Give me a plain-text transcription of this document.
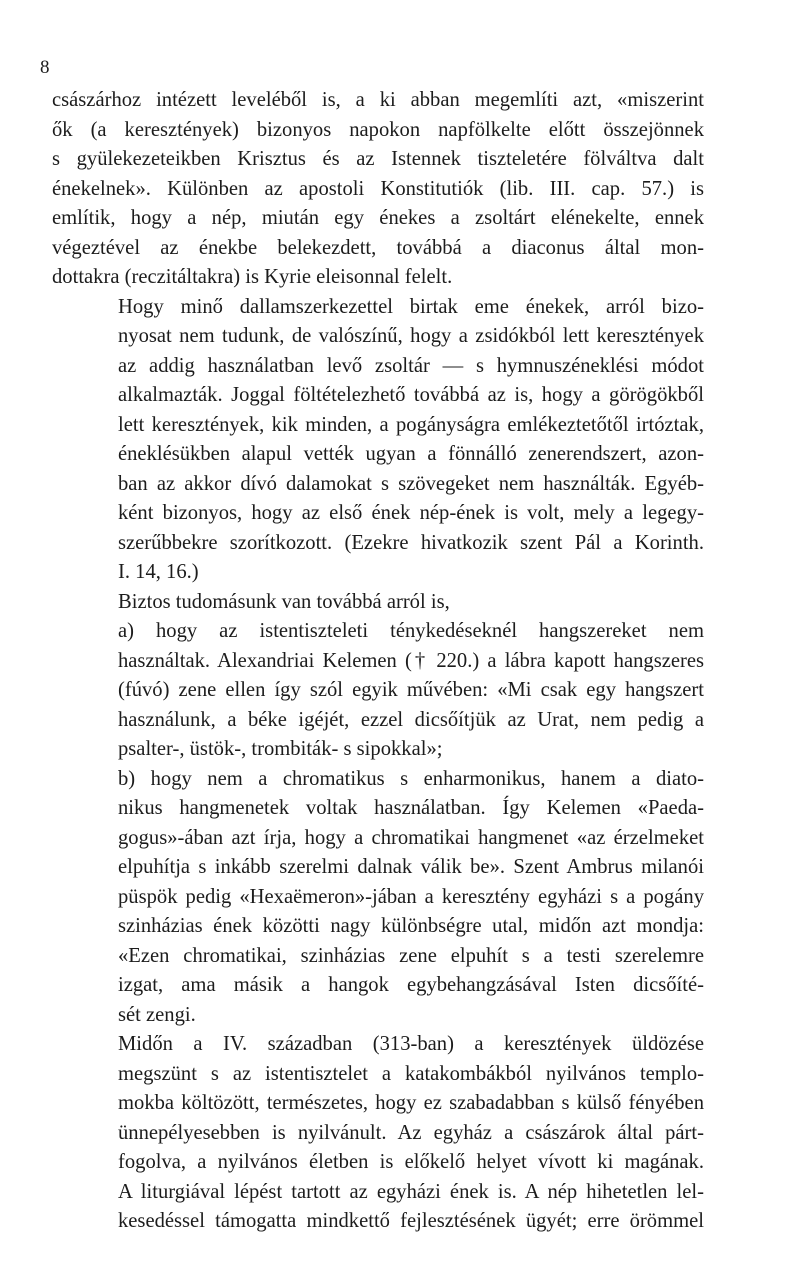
8
császárhoz intézett leveléből is, a ki abban megemlíti azt, «miszerint
ők (a keresztények) bizonyos napokon napfölkelte előtt összejönnek
s gyülekezeteikben Krisztus és az Istennek tiszteletére fölváltva dalt
énekelnek». Különben az apostoli Konstitutiók (lib. III. cap. 57.) is
említik, hogy a nép, miután egy énekes a zsoltárt elénekelte, ennek
végeztével az énekbe belekezdett, továbbá a diaconus által mon-
dottakra (reczitáltakra) is Kyrie eleisonnal felelt.
Hogy minő dallamszerkezettel birtak eme énekek, arról bizo-
nyosat nem tudunk, de valószínű, hogy a zsidókból lett keresztények
az addig használatban levő zsoltár — s hymnuszéneklési módot
alkalmazták. Joggal föltételezhető továbbá az is, hogy a görögökből
lett keresztények, kik minden, a pogányságra emlékeztetőtől irtóztak,
éneklésükben alapul vették ugyan a fönnálló zenerendszert, azon-
ban az akkor dívó dalamokat s szövegeket nem használták. Egyéb-
ként bizonyos, hogy az első ének nép-ének is volt, mely a legegy-
szerűbbekre szorítkozott. (Ezekre hivatkozik szent Pál a Korinth.
I. 14, 16.)
Biztos tudomásunk van továbbá arról is,
a) hogy az istentiszteleti ténykedéseknél hangszereket nem
használtak. Alexandriai Kelemen († 220.) a lábra kapott hangszeres
(fúvó) zene ellen így szól egyik művében: «Mi csak egy hangszert
használunk, a béke igéjét, ezzel dicsőítjük az Urat, nem pedig a
psalter-, üstök-, trombiták- s sipokkal»;
b) hogy nem a chromatikus s enharmonikus, hanem a diato-
nikus hangmenetek voltak használatban. Így Kelemen «Paeda-
gogus»-ában azt írja, hogy a chromatikai hangmenet «az érzelmeket
elpuhítja s inkább szerelmi dalnak válik be». Szent Ambrus milanói
püspök pedig «Hexaëmeron»-jában a keresztény egyházi s a pogány
szinházias ének közötti nagy különbségre utal, midőn azt mondja:
«Ezen chromatikai, szinházias zene elpuhít s a testi szerelemre
izgat, ama másik a hangok egybehangzásával Isten dicsőíté-
sét zengi.
Midőn a IV. században (313-ban) a keresztények üldözése
megszünt s az istentisztelet a katakombákból nyilvános templo-
mokba költözött, természetes, hogy ez szabadabban s külső fényében
ünnepélyesebben is nyilvánult. Az egyház a császárok által párt-
fogolva, a nyilvános életben is előkelő helyet vívott ki magának.
A liturgiával lépést tartott az egyházi ének is. A nép hihetetlen lel-
kesedéssel támogatta mindkettő fejlesztésének ügyét; erre örömmel
